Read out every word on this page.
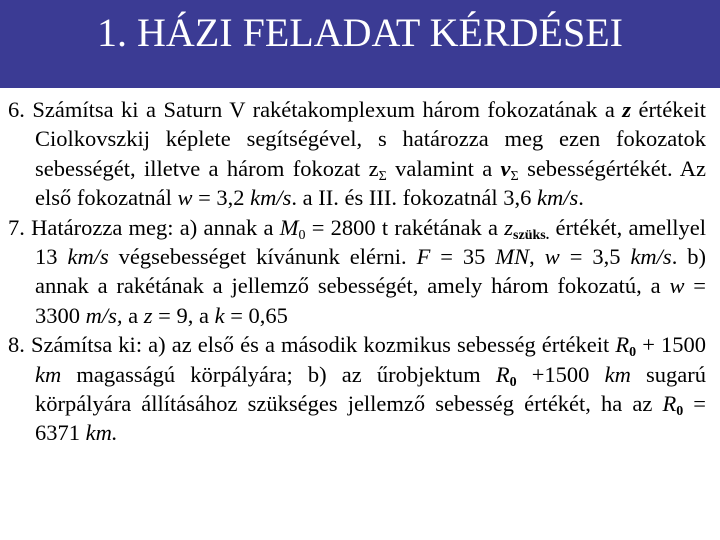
1. HÁZI FELADAT KÉRDÉSEI
6. Számítsa ki a Saturn V rakétakomplexum három fokozatának a z értékeit Ciolkovszkij képlete segítségével, s határozza meg ezen fokozatok sebességét, illetve a három fokozat $z_\Sigma$ valamint a $v_\Sigma$ sebességértékét. Az első fokozatnál w = 3,2 km/s. a II. és III. fokozatnál 3,6 km/s.
7. Határozza meg: a) annak a $M_0 = 2800$ t rakétának a $z_{szüks.}$ értékét, amellyel 13 km/s végsebességet kívánunk elérni. F = 35 MN, w = 3,5 km/s. b) annak a rakétának a jellemző sebességét, amely három fokozatú, a w = 3300 m/s, a z = 9, a k = 0,65
8. Számítsa ki: a) az első és a második kozmikus sebesség értékeit $R_0 + 1500$ km magasságú körpályára; b) az űrobjektum $R_0 +1500$ km sugarú körpályára állításához szükséges jellemző sebesség értékét, ha az $R_0 = 6371$ km.
